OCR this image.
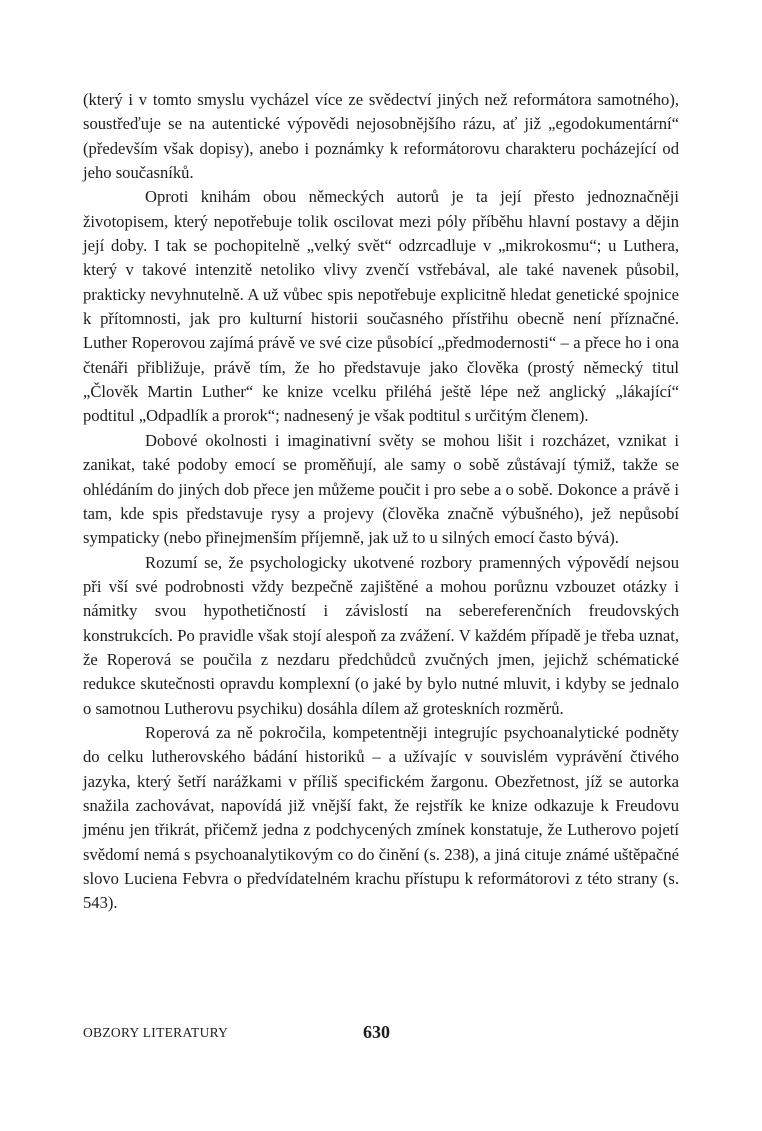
(který i v tomto smyslu vycházel více ze svědectví jiných než reformátora samotného), soustřeďuje se na autentické výpovědi nejosobnějšího rázu, ať již „egodokumentární“ (především však dopisy), anebo i poznámky k reformátorovu charakteru pocházející od jeho současníků.

Oproti knihám obou německých autorů je ta její přesto jednoznačněji životopisem, který nepotřebuje tolik oscilovat mezi póly příběhu hlavní postavy a dějin její doby. I tak se pochopitelně „velký svět“ odzrcadluje v „mikrokosmu“; u Luthera, který v takové intenzitě netoliko vlivy zvenčí vstřebával, ale také navenek působil, prakticky nevyhnutelně. A už vůbec spis nepotřebuje explicitně hledat genetické spojnice k přítomnosti, jak pro kulturní historii současného přístřihu obecně není příznačné. Luther Roperovou zajímá právě ve své cize působící „předmodernosti“ – a přece ho i ona čtenáři přibližuje, právě tím, že ho představuje jako člověka (prostý německý titul „Člověk Martin Luther“ ke knize vcelku přiléhá ještě lépe než anglický „lákající“ podtitul „Odpadlík a prorok“; nadnesený je však podtitul s určitým členem).

Dobové okolnosti i imaginativní světy se mohou lišit i rozcházet, vznikat i zanikat, také podoby emocí se proměňují, ale samy o sobě zůstávají týmiž, takže se ohlédáním do jiných dob přece jen můžeme poučit i pro sebe a o sobě. Dokonce a právě i tam, kde spis představuje rysy a projevy (člověka značně výbušného), jež nepůsobí sympaticky (nebo přinejmenším příjemně, jak už to u silných emocí často bývá).

Rozumí se, že psychologicky ukotvené rozbory pramenných výpovědí nejsou při vší své podrobnosti vždy bezpečně zajištěné a mohou porůznu vzbouzet otázky i námitky svou hypothetičností i závislostí na sebereferenčních freudovských konstrukcích. Po pravidle však stojí alespoň za zvážení. V každém případě je třeba uznat, že Roperová se poučila z nezdaru předchůdců zvučných jmen, jejichž schématické redukce skutečnosti opravdu komplexní (o jaké by bylo nutné mluvit, i kdyby se jednalo o samotnou Lutherovu psychiku) dosáhla dílem až groteskních rozměrů.

Roperová za ně pokročila, kompetentněji integrujíc psychoanalytické podněty do celku lutherovského bádání historiků – a užívajíc v souvislém vyprávění čtivého jazyka, který šetří narážkami v příliš specifickém žargonu. Obezřetnost, jíž se autorka snažila zachovávat, napovídá již vnější fakt, že rejstřík ke knize odkazuje k Freudovu jménu jen třikrát, přičemž jedna z podchycených zmínek konstatuje, že Lutherovo pojetí svědomí nemá s psychoanalytikovým co do činění (s. 238), a jiná cituje známé uštěpačné slovo Luciena Febvra o předvídatelném krachu přístupu k reformátorovi z této strany (s. 543).

OBZORY LITERATURY	630
